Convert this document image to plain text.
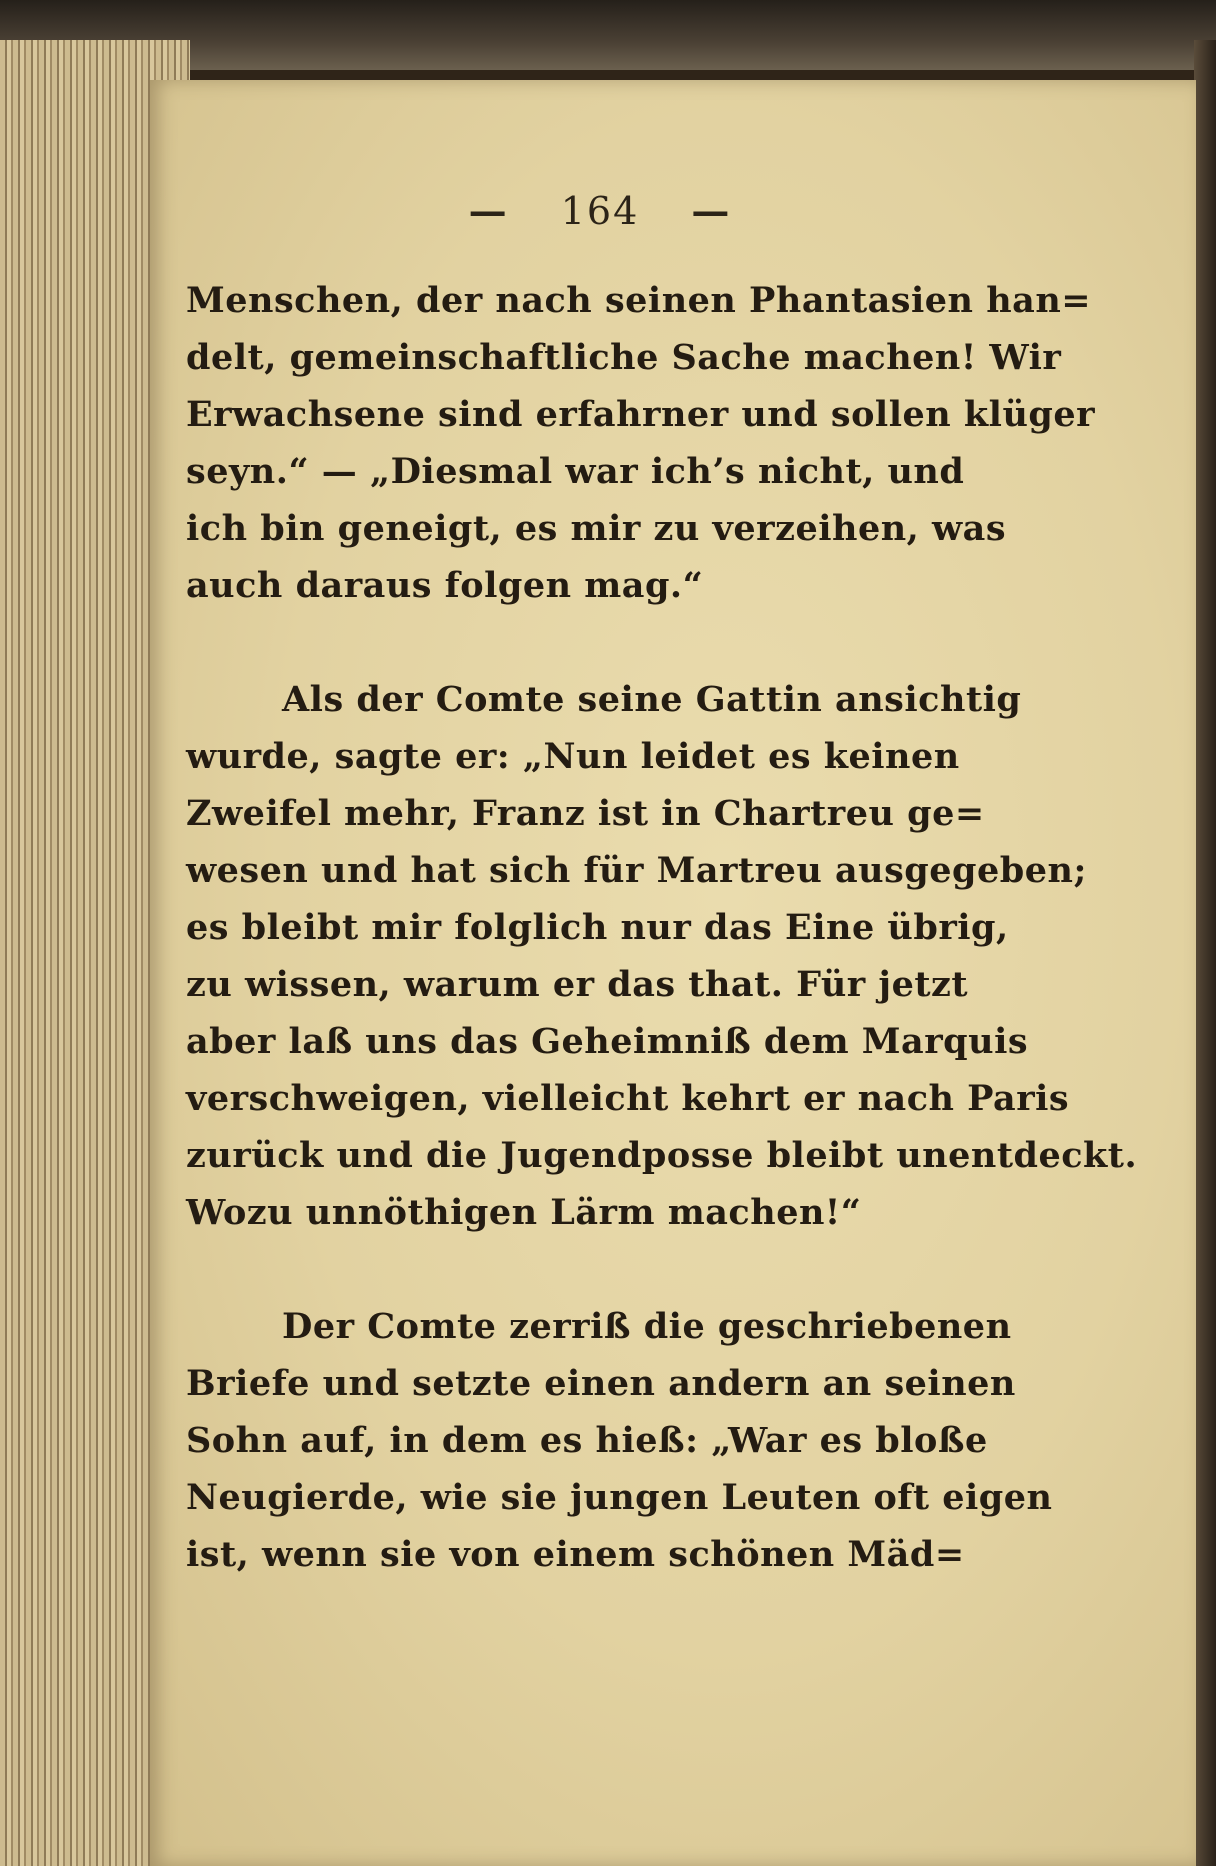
— 164 —
Menschen, der nach seinen Phantasien han=
delt, gemeinschaftliche Sache machen! Wir
Erwachsene sind erfahrner und sollen klüger
seyn.“ — „Diesmal war ich’s nicht, und
ich bin geneigt, es mir zu verzeihen, was
auch daraus folgen mag.“
Als der Comte seine Gattin ansichtig
wurde, sagte er: „Nun leidet es keinen
Zweifel mehr, Franz ist in Chartreu ge=
wesen und hat sich für Martreu ausgegeben;
es bleibt mir folglich nur das Eine übrig,
zu wissen, warum er das that. Für jetzt
aber laß uns das Geheimniß dem Marquis
verschweigen, vielleicht kehrt er nach Paris
zurück und die Jugendposse bleibt unentdeckt.
Wozu unnöthigen Lärm machen!“
Der Comte zerriß die geschriebenen
Briefe und setzte einen andern an seinen
Sohn auf, in dem es hieß: „War es bloße
Neugierde, wie sie jungen Leuten oft eigen
ist, wenn sie von einem schönen Mäd=
